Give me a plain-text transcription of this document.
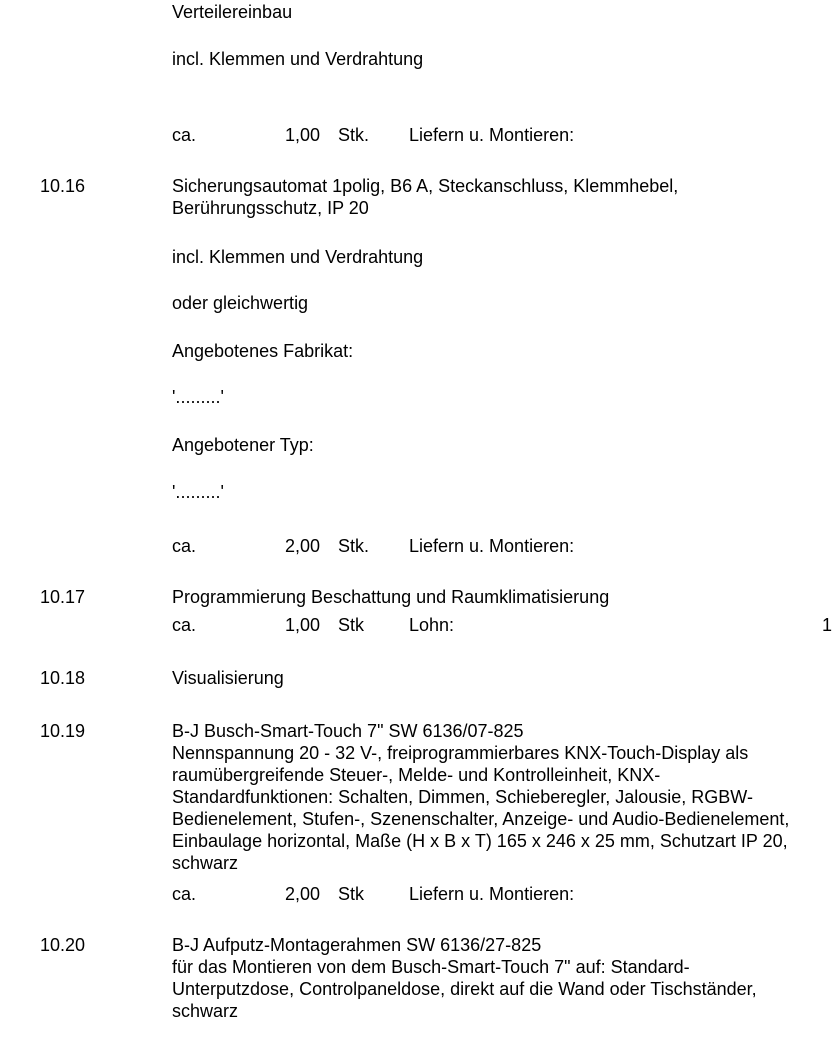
Verteilereinbau
incl. Klemmen und Verdrahtung
ca.	1,00 Stk. Liefern u. Montieren:
10.16	Sicherungsautomat 1polig, B6 A, Steckanschluss, Klemmhebel, Berührungsschutz, IP 20
incl. Klemmen und Verdrahtung
oder gleichwertig
Angebotenes Fabrikat:
'.........'
Angebotener Typ:
'.........'
ca.	2,00 Stk. Liefern u. Montieren:
10.17	Programmierung Beschattung und Raumklimatisierung
ca.	1,00 Stk Lohn:	1
10.18	Visualisierung
10.19	B-J Busch-Smart-Touch 7" SW 6136/07-825
Nennspannung 20 - 32 V-, freiprogrammierbares KNX-Touch-Display als raumübergreifende Steuer-, Melde- und Kontrolleinheit, KNX-Standardfunktionen: Schalten, Dimmen, Schieberegler, Jalousie, RGBW-Bedienelement, Stufen-, Szenenschalter, Anzeige- und Audio-Bedienelement, Einbaulage horizontal, Maße (H x B x T) 165 x 246 x 25 mm, Schutzart IP 20, schwarz
ca.	2,00 Stk Liefern u. Montieren:
10.20	B-J Aufputz-Montagerahmen SW 6136/27-825
für das Montieren von dem Busch-Smart-Touch 7" auf: Standard-Unterputzdose, Controlpaneldose, direkt auf die Wand oder Tischständer, schwarz
